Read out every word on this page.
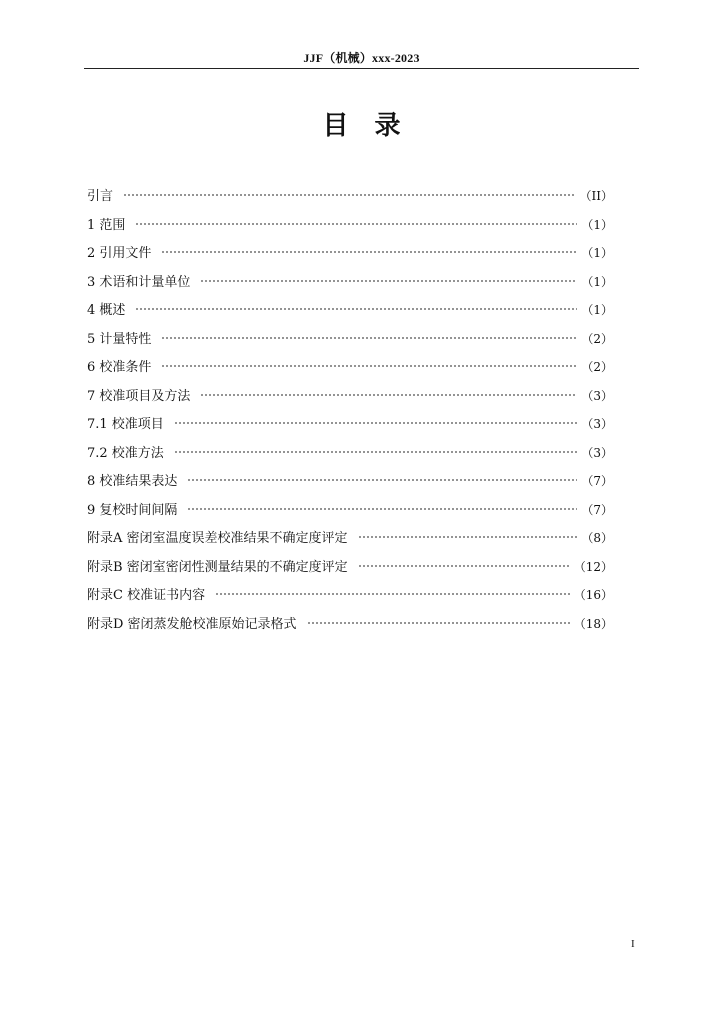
JJF（机械）xxx-2023
目　录
引言	（II）
1 范围	（1）
2 引用文件	（1）
3 术语和计量单位	（1）
4 概述	（1）
5 计量特性	（2）
6 校准条件	（2）
7 校准项目及方法	（3）
7.1 校准项目	（3）
7.2 校准方法	（3）
8 校准结果表达	（7）
9 复校时间间隔	（7）
附录A 密闭室温度误差校准结果不确定度评定	（8）
附录B 密闭室密闭性测量结果的不确定度评定	（12）
附录C 校准证书内容	（16）
附录D 密闭蒸发舱校准原始记录格式	（18）
I
